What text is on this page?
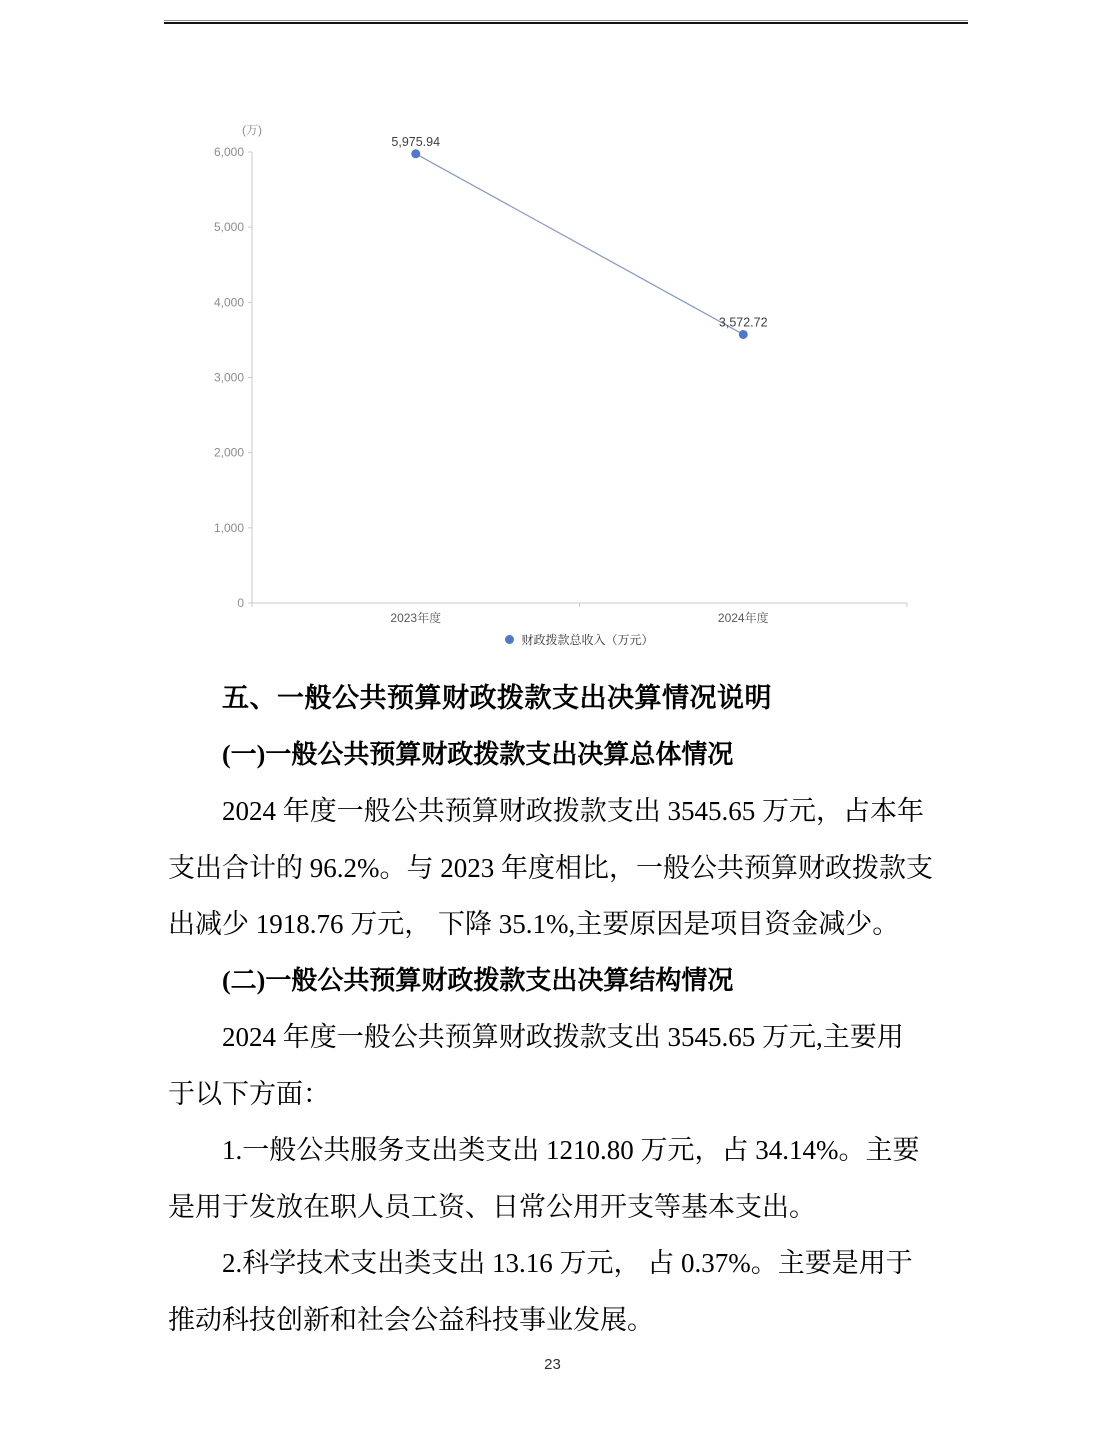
0
1,000
2,000
3,000
4,000
5,000
6,000
2023年度	2024年度
(万)
5,975.94
3,572.72
财政拨款总收入（万元）
五、一般公共预算财政拨款支出决算情况说明
(一)一般公共预算财政拨款支出决算总体情况
2024 年度一般公共预算财政拨款支出 3545.65 万元，占本年
支出合计的 96.2%。与 2023 年度相比，一般公共预算财政拨款支
出减少 1918.76 万元， 下降 35.1%,主要原因是项目资金减少。
(二)一般公共预算财政拨款支出决算结构情况
2024 年度一般公共预算财政拨款支出 3545.65 万元,主要用
于以下方面：
1.一般公共服务支出类支出 1210.80 万元，占 34.14%。主要
是用于发放在职人员工资、日常公用开支等基本支出。
2.科学技术支出类支出 13.16 万元， 占 0.37%。主要是用于
推动科技创新和社会公益科技事业发展。
23
